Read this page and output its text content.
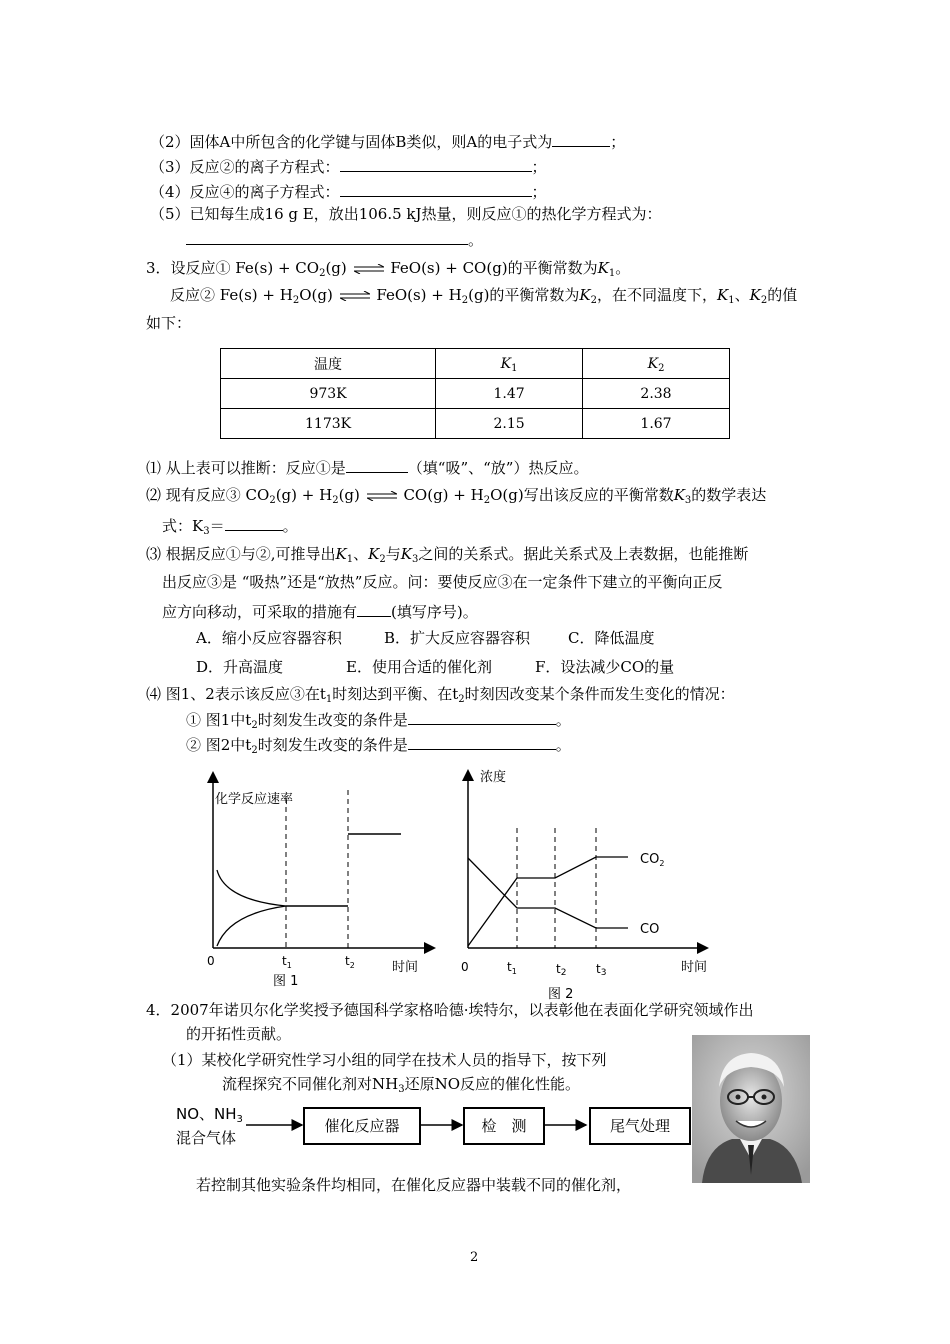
（2）固体A中所包含的化学键与固体B类似，则A的电子式为	；
（3）反应②的离子方程式：	；
（4）反应④的离子方程式：	；
（5）已知每生成16 g E，放出106.5 kJ热量，则反应①的热化学方程式为：
。
3．设反应① $Fe(s) + CO_2(g)$ ⇌ FeO(s) + CO(g)的平衡常数为$K_1$。
反应② $Fe(s) + H_2O(g)$ ⇌ $FeO(s) + H_2(g)$的平衡常数为$K_2$，在不同温度下，$K_1$、$K_2$的值
如下：
温度	$K_1$	$K_2$
973K	1.47	2.38
1173K	2.15	1.67
⑴ 从上表可以推断：反应①是	（填“吸”、“放”）热反应。
⑵ 现有反应③ $CO_2(g) + H_2(g)$ ⇌ $CO(g) + H_2O(g)$写出该反应的平衡常数$K_3$的数学表达
式：$K_3=$	。
⑶ 根据反应①与②,可推导出$K_1$、$K_2$与$K_3$之间的关系式。据此关系式及上表数据，也能推断
出反应③是 “吸热”还是“放热”反应。问：要使反应③在一定条件下建立的平衡向正反
应方向移动，可采取的措施有 (填写序号)。
A．缩小反应容器容积	B．扩大反应容器容积	C．降低温度
D．升高温度	E．使用合适的催化剂	F．设法减少CO的量
⑷ 图1、2表示该反应③在$t_1$时刻达到平衡、在$t_2$时刻因改变某个条件而发生变化的情况：
① 图1中$t_2$时刻发生改变的条件是	。
② 图2中$t_2$时刻发生改变的条件是	。
化学反应速率
0	$t_1$	$t_2$	时间
图 1
浓度
$CO_2$
CO
0	$t_1$	t2 t3	时间
图 2
4．2007年诺贝尔化学奖授予德国科学家格哈德·埃特尔，以表彰他在表面化学研究领域作出
的开拓性贡献。
（1）某校化学研究性学习小组的同学在技术人员的指导下，按下列
流程探究不同催化剂对$NH_3$还原NO反应的催化性能。
NO、$NH_3$
混合气体
催化反应器	检　测	尾气处理
若控制其他实验条件均相同，在催化反应器中装载不同的催化剂，
2
